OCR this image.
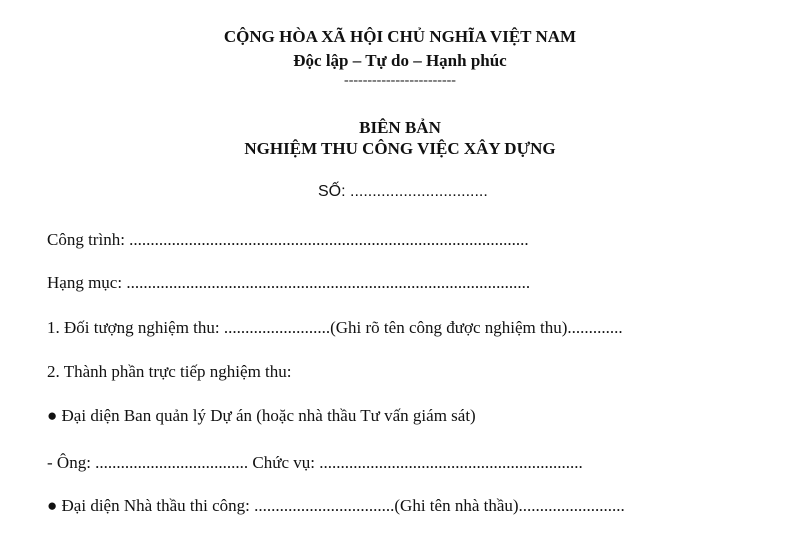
CỘNG HÒA XÃ HỘI CHỦ NGHĨA VIỆT NAM
Độc lập – Tự do – Hạnh phúc
------------------------
BIÊN BẢN
NGHIỆM THU CÔNG VIỆC XÂY DỰNG
SỐ: ...............................
Công trình: ..............................................................................................
Hạng mục: ...............................................................................................
1. Đối tượng nghiệm thu: .........................(Ghi rõ tên công được nghiệm thu).............
2. Thành phần trực tiếp nghiệm thu:
● Đại diện Ban quản lý Dự án (hoặc nhà thầu Tư vấn giám sát)
- Ông: .................................... Chức vụ: ..............................................................
● Đại diện Nhà thầu thi công: .................................(Ghi tên nhà thầu).........................
